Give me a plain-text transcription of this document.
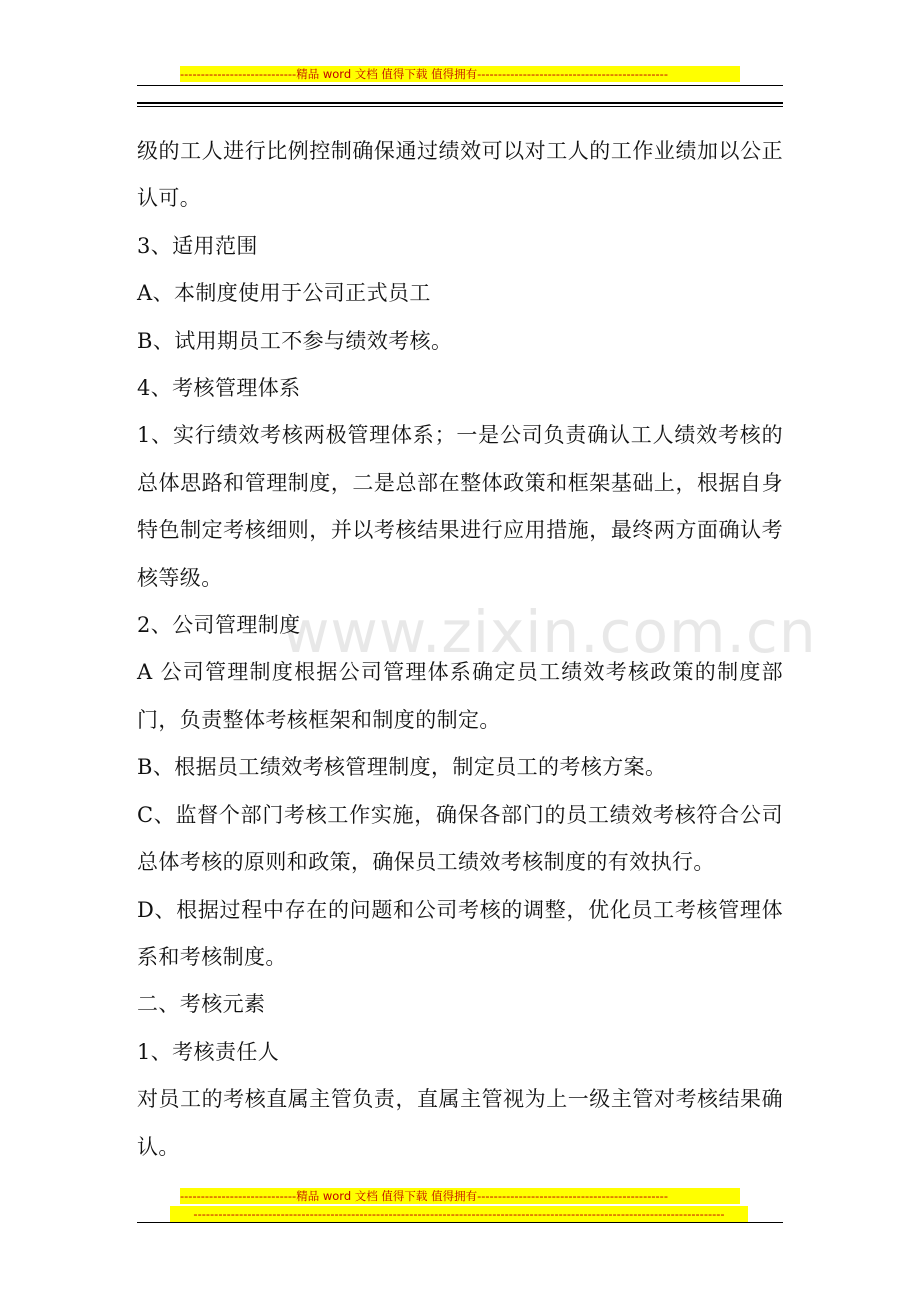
----------------------------精品 word 文档 值得下载 值得拥有----------------------------------------------
www.zixin.com.cn

级的工人进行比例控制确保通过绩效可以对工人的工作业绩加以公正认可。

3、适用范围

A、本制度使用于公司正式员工

B、试用期员工不参与绩效考核。

4、考核管理体系

1、实行绩效考核两极管理体系；一是公司负责确认工人绩效考核的总体思路和管理制度，二是总部在整体政策和框架基础上，根据自身特色制定考核细则，并以考核结果进行应用措施，最终两方面确认考核等级。

2、公司管理制度

A 公司管理制度根据公司管理体系确定员工绩效考核政策的制度部门，负责整体考核框架和制度的制定。

B、根据员工绩效考核管理制度，制定员工的考核方案。

C、监督个部门考核工作实施，确保各部门的员工绩效考核符合公司总体考核的原则和政策，确保员工绩效考核制度的有效执行。

D、根据过程中存在的问题和公司考核的调整，优化员工考核管理体系和考核制度。

二、考核元素

1、考核责任人

对员工的考核直属主管负责，直属主管视为上一级主管对考核结果确认。

----------------------------精品 word 文档 值得下载 值得拥有----------------------------------------------
--------------------------------------------------------------------------------------------------------------------------------
